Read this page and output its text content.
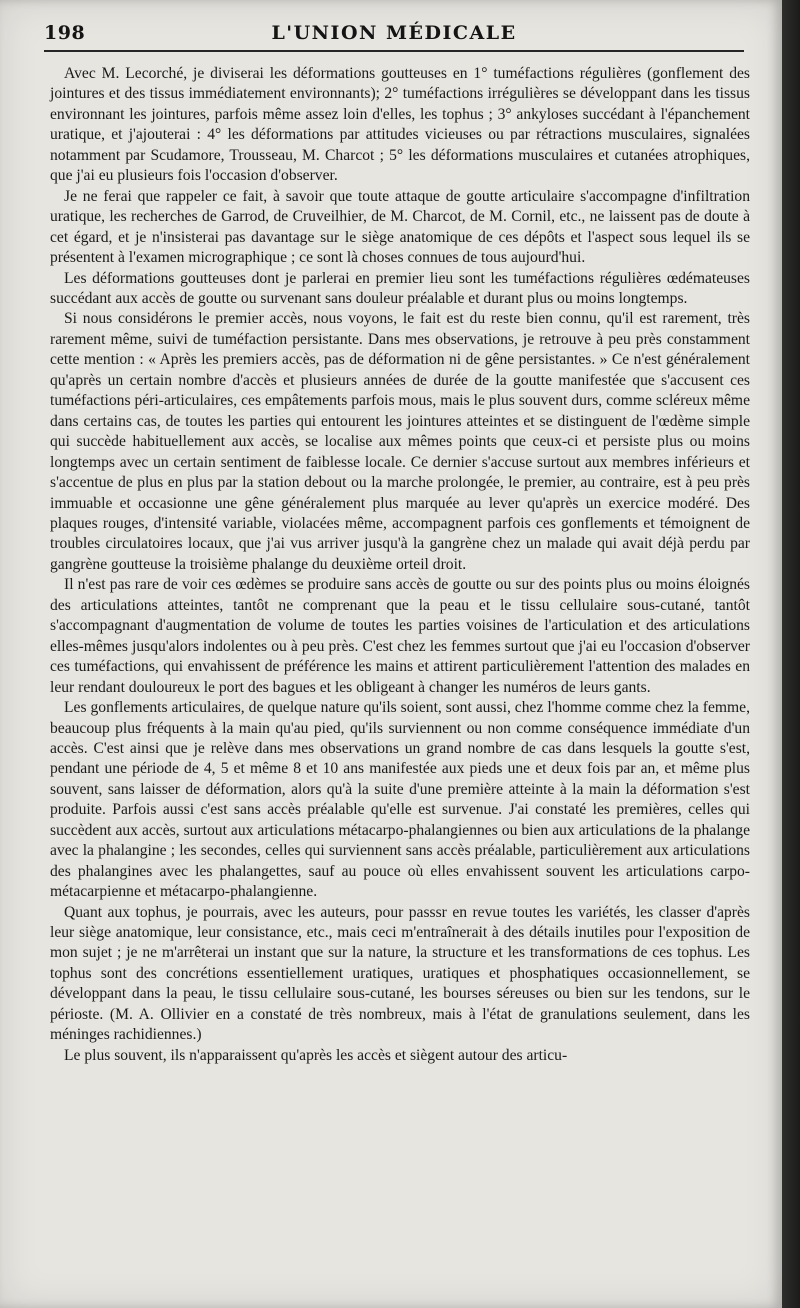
198	L'UNION MÉDICALE

Avec M. Lecorché, je diviserai les déformations goutteuses en 1° tuméfactions régulières (gonflement des jointures et des tissus immédiatement environnants); 2° tuméfactions irrégulières se développant dans les tissus environnant les jointures, parfois même assez loin d'elles, les tophus ; 3° ankyloses succédant à l'épanchement uratique, et j'ajouterai : 4° les déformations par attitudes vicieuses ou par rétractions musculaires, signalées notamment par Scudamore, Trousseau, M. Charcot ; 5° les déformations musculaires et cutanées atrophiques, que j'ai eu plusieurs fois l'occasion d'observer.

Je ne ferai que rappeler ce fait, à savoir que toute attaque de goutte articulaire s'accompagne d'infiltration uratique, les recherches de Garrod, de Cruveilhier, de M. Charcot, de M. Cornil, etc., ne laissent pas de doute à cet égard, et je n'insisterai pas davantage sur le siège anatomique de ces dépôts et l'aspect sous lequel ils se présentent à l'examen micrographique ; ce sont là choses connues de tous aujourd'hui.

Les déformations goutteuses dont je parlerai en premier lieu sont les tuméfactions régulières œdémateuses succédant aux accès de goutte ou survenant sans douleur préalable et durant plus ou moins longtemps.

Si nous considérons le premier accès, nous voyons, le fait est du reste bien connu, qu'il est rarement, très rarement même, suivi de tuméfaction persistante. Dans mes observations, je retrouve à peu près constamment cette mention : « Après les premiers accès, pas de déformation ni de gêne persistantes. » Ce n'est généralement qu'après un certain nombre d'accès et plusieurs années de durée de la goutte manifestée que s'accusent ces tuméfactions péri-articulaires, ces empâtements parfois mous, mais le plus souvent durs, comme scléreux même dans certains cas, de toutes les parties qui entourent les jointures atteintes et se distinguent de l'œdème simple qui succède habituellement aux accès, se localise aux mêmes points que ceux-ci et persiste plus ou moins longtemps avec un certain sentiment de faiblesse locale. Ce dernier s'accuse surtout aux membres inférieurs et s'accentue de plus en plus par la station debout ou la marche prolongée, le premier, au contraire, est à peu près immuable et occasionne une gêne généralement plus marquée au lever qu'après un exercice modéré. Des plaques rouges, d'intensité variable, violacées même, accompagnent parfois ces gonflements et témoignent de troubles circulatoires locaux, que j'ai vus arriver jusqu'à la gangrène chez un malade qui avait déjà perdu par gangrène goutteuse la troisième phalange du deuxième orteil droit.

Il n'est pas rare de voir ces œdèmes se produire sans accès de goutte ou sur des points plus ou moins éloignés des articulations atteintes, tantôt ne comprenant que la peau et le tissu cellulaire sous-cutané, tantôt s'accompagnant d'augmentation de volume de toutes les parties voisines de l'articulation et des articulations elles-mêmes jusqu'alors indolentes ou à peu près. C'est chez les femmes surtout que j'ai eu l'occasion d'observer ces tuméfactions, qui envahissent de préférence les mains et attirent particulièrement l'attention des malades en leur rendant douloureux le port des bagues et les obligeant à changer les numéros de leurs gants.

Les gonflements articulaires, de quelque nature qu'ils soient, sont aussi, chez l'homme comme chez la femme, beaucoup plus fréquents à la main qu'au pied, qu'ils surviennent ou non comme conséquence immédiate d'un accès. C'est ainsi que je relève dans mes observations un grand nombre de cas dans lesquels la goutte s'est, pendant une période de 4, 5 et même 8 et 10 ans manifestée aux pieds une et deux fois par an, et même plus souvent, sans laisser de déformation, alors qu'à la suite d'une première atteinte à la main la déformation s'est produite. Parfois aussi c'est sans accès préalable qu'elle est survenue. J'ai constaté les premières, celles qui succèdent aux accès, surtout aux articulations métacarpo-phalangiennes ou bien aux articulations de la phalange avec la phalangine ; les secondes, celles qui surviennent sans accès préalable, particulièrement aux articulations des phalangines avec les phalangettes, sauf au pouce où elles envahissent souvent les articulations carpo-métacarpienne et métacarpo-phalangienne.

Quant aux tophus, je pourrais, avec les auteurs, pour passsr en revue toutes les variétés, les classer d'après leur siège anatomique, leur consistance, etc., mais ceci m'entraînerait à des détails inutiles pour l'exposition de mon sujet ; je ne m'arrêterai un instant que sur la nature, la structure et les transformations de ces tophus. Les tophus sont des concrétions essentiellement uratiques, uratiques et phosphatiques occasionnellement, se développant dans la peau, le tissu cellulaire sous-cutané, les bourses séreuses ou bien sur les tendons, sur le périoste. (M. A. Ollivier en a constaté de très nombreux, mais à l'état de granulations seulement, dans les méninges rachidiennes.)

Le plus souvent, ils n'apparaissent qu'après les accès et siègent autour des articu-
